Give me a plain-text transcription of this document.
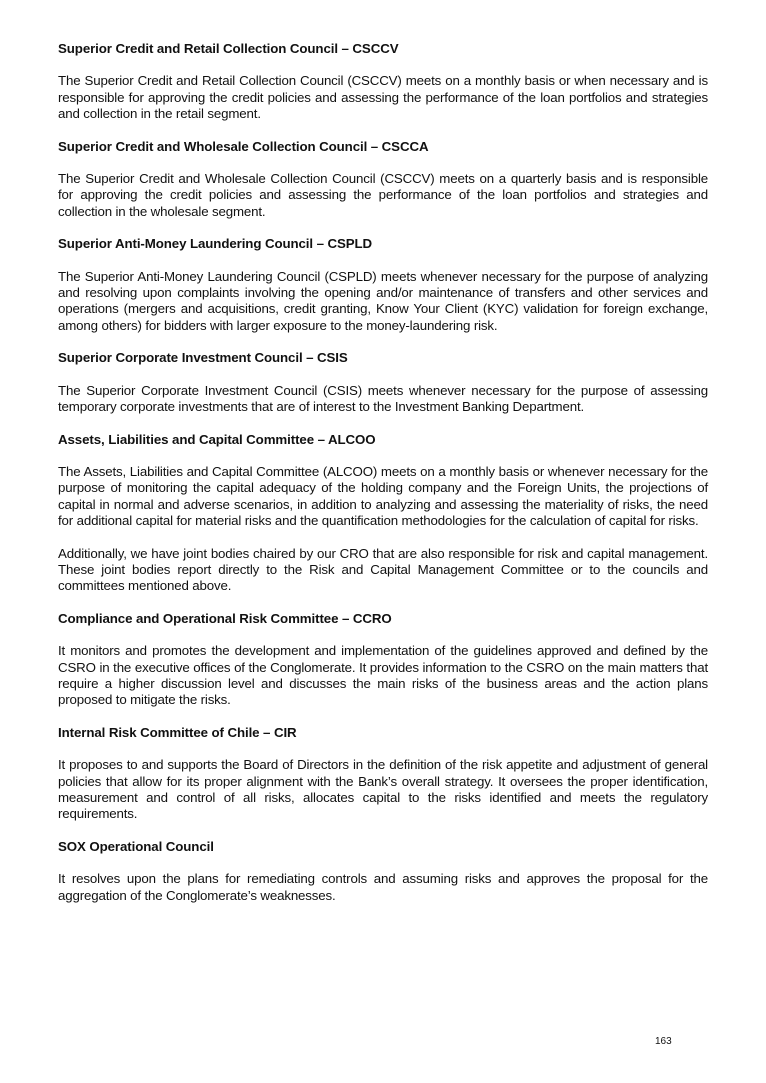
Superior Credit and Retail Collection Council – CSCCV

The Superior Credit and Retail Collection Council (CSCCV) meets on a monthly basis or when necessary and is responsible for approving the credit policies and assessing the performance of the loan portfolios and strategies and collection in the retail segment.

Superior Credit and Wholesale Collection Council – CSCCA

The Superior Credit and Wholesale Collection Council (CSCCV) meets on a quarterly basis and is responsible for approving the credit policies and assessing the performance of the loan portfolios and strategies and collection in the wholesale segment.

Superior Anti-Money Laundering Council – CSPLD

The Superior Anti-Money Laundering Council (CSPLD) meets whenever necessary for the purpose of analyzing and resolving upon complaints involving the opening and/or maintenance of transfers and other services and operations (mergers and acquisitions, credit granting, Know Your Client (KYC) validation for foreign exchange, among others) for bidders with larger exposure to the money-laundering risk.

Superior Corporate Investment Council – CSIS

The Superior Corporate Investment Council (CSIS) meets whenever necessary for the purpose of assessing temporary corporate investments that are of interest to the Investment Banking Department.

Assets, Liabilities and Capital Committee – ALCOO

The Assets, Liabilities and Capital Committee (ALCOO) meets on a monthly basis or whenever necessary for the purpose of monitoring the capital adequacy of the holding company and the Foreign Units, the projections of capital in normal and adverse scenarios, in addition to analyzing and assessing the materiality of risks, the need for additional capital for material risks and the quantification methodologies for the calculation of capital for risks.

Additionally, we have joint bodies chaired by our CRO that are also responsible for risk and capital management. These joint bodies report directly to the Risk and Capital Management Committee or to the councils and committees mentioned above.

Compliance and Operational Risk Committee – CCRO

It monitors and promotes the development and implementation of the guidelines approved and defined by the CSRO in the executive offices of the Conglomerate. It provides information to the CSRO on the main matters that require a higher discussion level and discusses the main risks of the business areas and the action plans proposed to mitigate the risks.

Internal Risk Committee of Chile – CIR

It proposes to and supports the Board of Directors in the definition of the risk appetite and adjustment of general policies that allow for its proper alignment with the Bank’s overall strategy. It oversees the proper identification, measurement and control of all risks, allocates capital to the risks identified and meets the regulatory requirements.

SOX Operational Council

It resolves upon the plans for remediating controls and assuming risks and approves the proposal for the aggregation of the Conglomerate’s weaknesses.

163
